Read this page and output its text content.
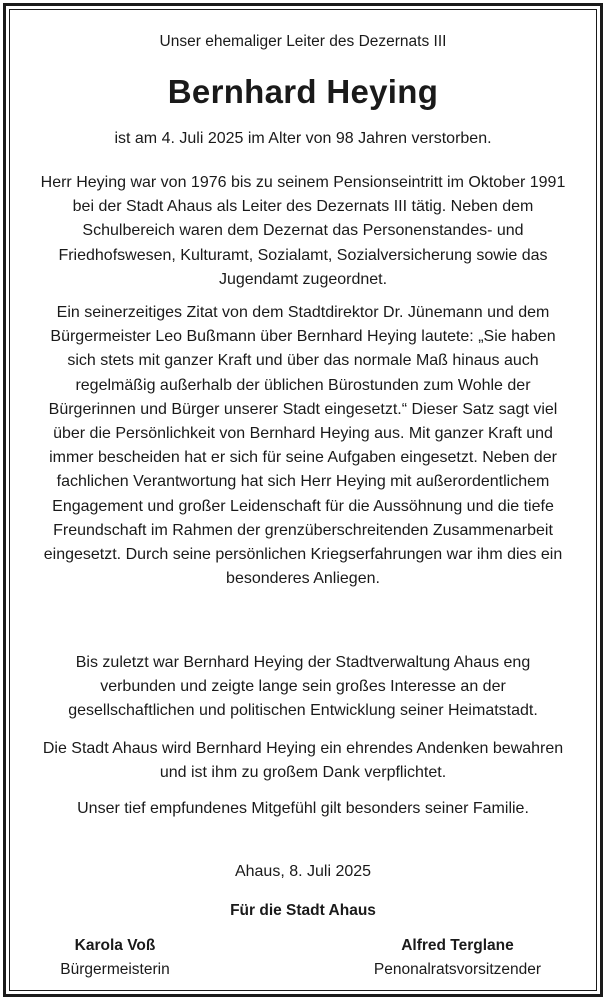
Unser ehemaliger Leiter des Dezernats III
Bernhard Heying
ist am 4. Juli 2025 im Alter von 98 Jahren verstorben.

Herr Heying war von 1976 bis zu seinem Pensionseintritt im Oktober 1991 bei der Stadt Ahaus als Leiter des Dezernats III tätig. Neben dem Schulbereich waren dem Dezernat das Personenstandes- und Friedhofswesen, Kulturamt, Sozialamt, Sozialversicherung sowie das Jugendamt zugeordnet.

Ein seinerzeitiges Zitat von dem Stadtdirektor Dr. Jünemann und dem Bürgermeister Leo Bußmann über Bernhard Heying lautete: „Sie haben sich stets mit ganzer Kraft und über das normale Maß hinaus auch regelmäßig außerhalb der üblichen Bürostunden zum Wohle der Bürgerinnen und Bürger unserer Stadt eingesetzt.“ Dieser Satz sagt viel über die Persönlichkeit von Bernhard Heying aus. Mit ganzer Kraft und immer bescheiden hat er sich für seine Aufgaben eingesetzt. Neben der fachlichen Verantwortung hat sich Herr Heying mit außerordentlichem Engagement und großer Leidenschaft für die Aussöhnung und die tiefe Freundschaft im Rahmen der grenzüberschreitenden Zusammenarbeit eingesetzt. Durch seine persönlichen Kriegserfahrungen war ihm dies ein besonderes Anliegen.

Bis zuletzt war Bernhard Heying der Stadtverwaltung Ahaus eng verbunden und zeigte lange sein großes Interesse an der gesellschaftlichen und politischen Entwicklung seiner Heimatstadt.

Die Stadt Ahaus wird Bernhard Heying ein ehrendes Andenken bewahren und ist ihm zu großem Dank verpflichtet.

Unser tief empfundenes Mitgefühl gilt besonders seiner Familie.

Ahaus, 8. Juli 2025
Für die Stadt Ahaus
Karola Voß
Bürgermeisterin
Alfred Terglane
Penonalratsvorsitzender
